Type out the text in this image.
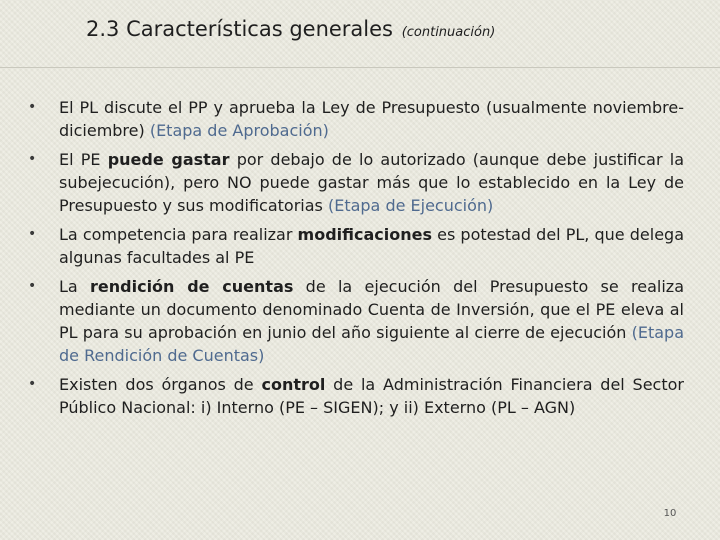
2.3 Características generales (continuación)
• El PL discute el PP y aprueba la Ley de Presupuesto (usualmente noviembre-diciembre) (Etapa de Aprobación)
• El PE puede gastar por debajo de lo autorizado (aunque debe justificar la subejecución), pero NO puede gastar más que lo establecido en la Ley de Presupuesto y sus modificatorias (Etapa de Ejecución)
• La competencia para realizar modificaciones es potestad del PL, que delega algunas facultades al PE
• La rendición de cuentas de la ejecución del Presupuesto se realiza mediante un documento denominado Cuenta de Inversión, que el PE eleva al PL para su aprobación en junio del año siguiente al cierre de ejecución (Etapa de Rendición de Cuentas)
• Existen dos órganos de control de la Administración Financiera del Sector Público Nacional: i) Interno (PE – SIGEN); y ii) Externo (PL – AGN)
10
